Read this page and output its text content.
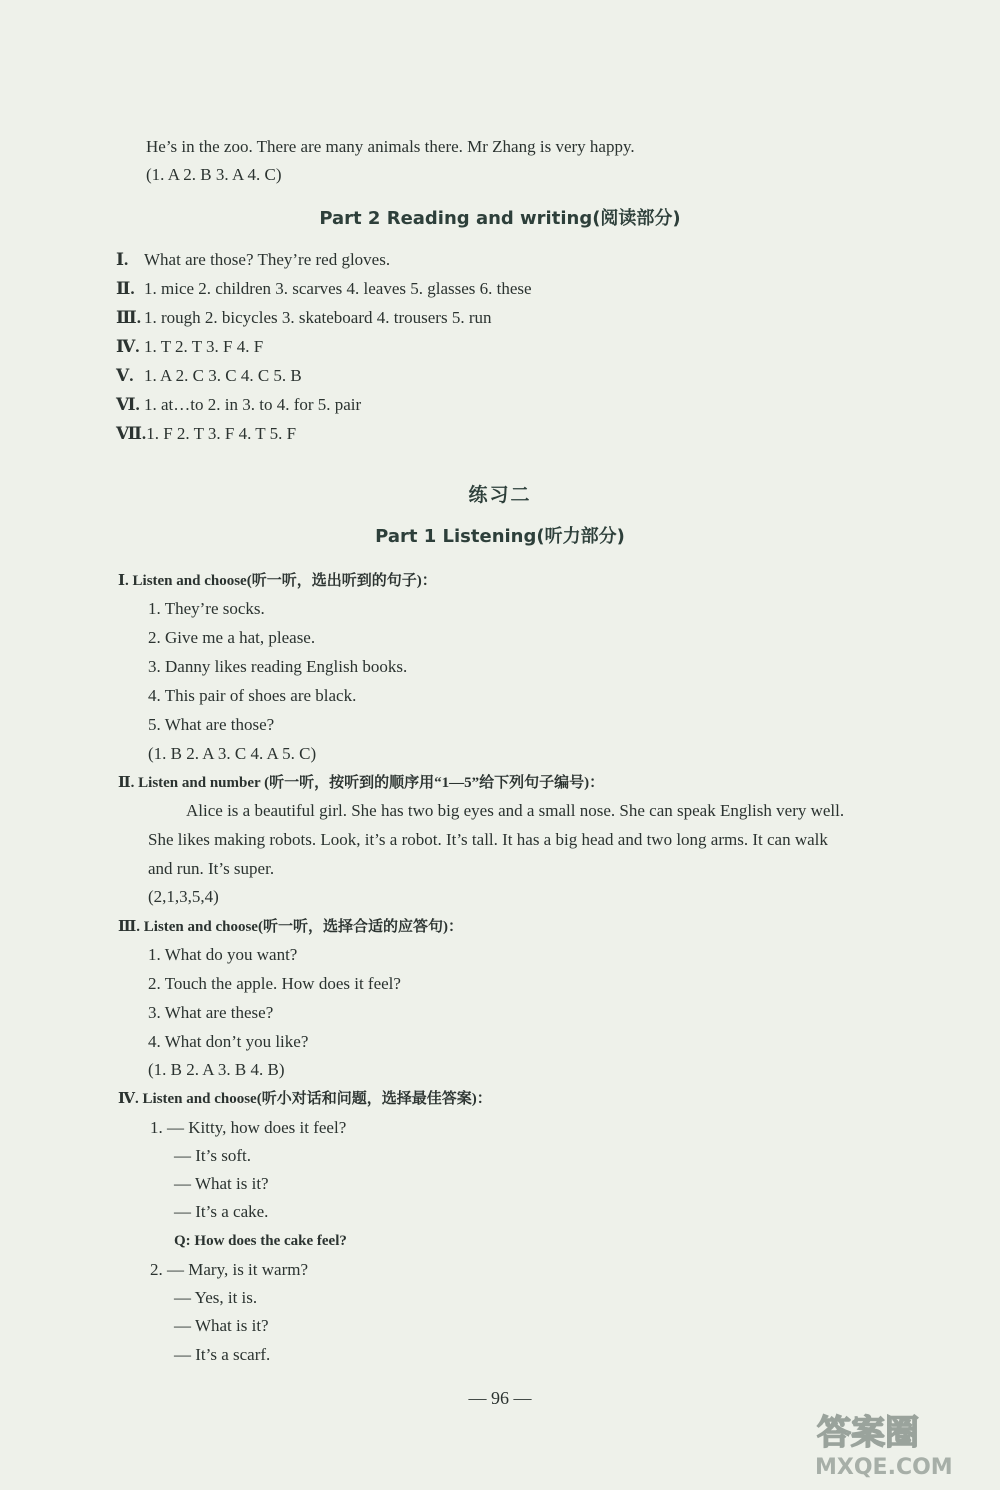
He’s in the zoo. There are many animals there. Mr Zhang is very happy.
(1. A 2. B 3. A 4. C)
Part 2 Reading and writing(阅读部分)
Ⅰ. What are those? They’re red gloves.
Ⅱ. 1. mice 2. children 3. scarves 4. leaves 5. glasses 6. these
Ⅲ. 1. rough 2. bicycles 3. skateboard 4. trousers 5. run
Ⅳ. 1. T 2. T 3. F 4. F
Ⅴ. 1. A 2. C 3. C 4. C 5. B
Ⅵ. 1. at…to 2. in 3. to 4. for 5. pair
Ⅶ.1. F 2. T 3. F 4. T 5. F
练习二
Part 1 Listening(听力部分)
Ⅰ. Listen and choose(听一听，选出听到的句子)：
1. They’re socks.
2. Give me a hat, please.
3. Danny likes reading English books.
4. This pair of shoes are black.
5. What are those?
(1. B 2. A 3. C 4. A 5. C)
Ⅱ. Listen and number (听一听，按听到的顺序用“1—5”给下列句子编号)：
Alice is a beautiful girl. She has two big eyes and a small nose. She can speak English very well.
She likes making robots. Look, it’s a robot. It’s tall. It has a big head and two long arms. It can walk
and run. It’s super.
(2,1,3,5,4)
Ⅲ. Listen and choose(听一听，选择合适的应答句)：
1. What do you want?
2. Touch the apple. How does it feel?
3. What are these?
4. What don’t you like?
(1. B 2. A 3. B 4. B)
Ⅳ. Listen and choose(听小对话和问题，选择最佳答案)：
1. — Kitty, how does it feel?
— It’s soft.
— What is it?
— It’s a cake.
Q: How does the cake feel?
2. — Mary, is it warm?
— Yes, it is.
— What is it?
— It’s a scarf.
— 96 —
答案圈
MXQE.COM
